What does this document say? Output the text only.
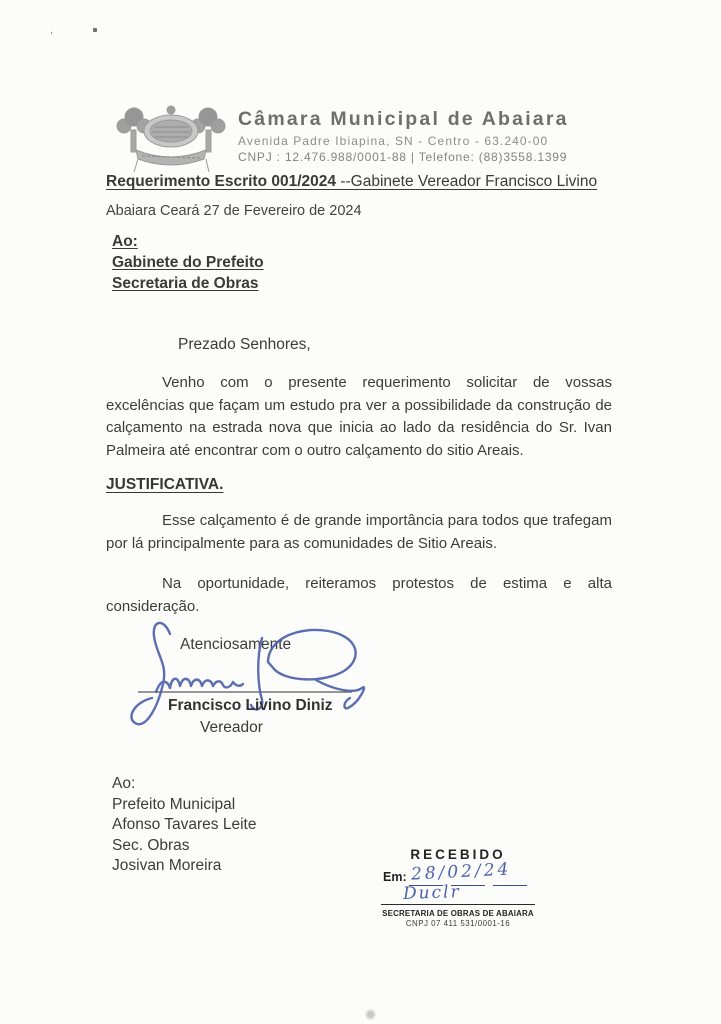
,
Câmara Municipal de Abaiara
Avenida Padre Ibiapina, SN - Centro - 63.240-00
CNPJ : 12.476.988/0001-88 | Telefone: (88)3558.1399
Requerimento Escrito 001/2024 --Gabinete Vereador Francisco Livino
Abaiara Ceará 27 de Fevereiro de 2024
Ao:
Gabinete do Prefeito
Secretaria de Obras
Prezado Senhores,
Venho com o presente requerimento solicitar de vossas excelências que façam um estudo pra ver a possibilidade da construção de calçamento na estrada nova que inicia ao lado da residência do Sr. Ivan Palmeira até encontrar com o outro calçamento do sitio Areais.
JUSTIFICATIVA.
Esse calçamento é de grande importância para todos que trafegam por lá principalmente para as comunidades de Sitio Areais.
Na oportunidade, reiteramos protestos de estima e alta consideração.
Atenciosamente
Francisco Livino Diniz
Vereador
Ao:
Prefeito Municipal
Afonso Tavares Leite
Sec. Obras
Josivan Moreira
RECEBIDO
Em: 28/02/24
Duclr
SECRETARIA DE OBRAS DE ABAIARA
CNPJ 07 411 531/0001-16
